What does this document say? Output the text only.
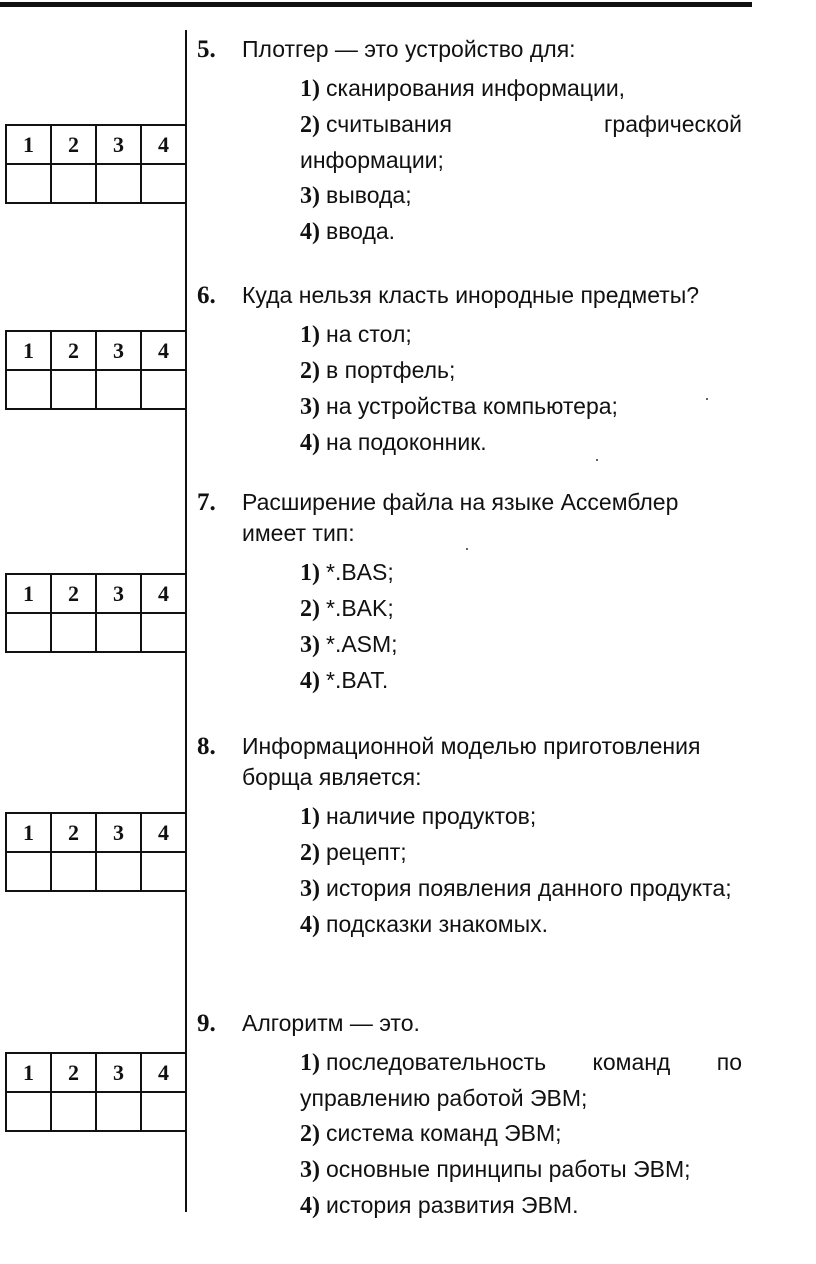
1	2	3	4

1	2	3	4

1	2	3	4

1	2	3	4

1	2	3	4

5. Плотгер — это устройство для:
1) сканирования информации,
2) считывания графической информации;
3) вывода;
4) ввода.
6. Куда нельзя класть инородные предметы?
1) на стол;
2) в портфель;
3) на устройства компьютера;
4) на подоконник.
7. Расширение файла на языке Ассемблер имеет тип:
1) *.BAS;
2) *.BAK;
3) *.ASM;
4) *.BAT.
8. Информационной моделью приготовления борща является:
1) наличие продуктов;
2) рецепт;
3) история появления данного продукта;
4) подсказки знакомых.
9. Алгоритм — это.
1) последовательность команд по управлению работой ЭВМ;
2) система команд ЭВМ;
3) основные принципы работы ЭВМ;
4) история развития ЭВМ.
